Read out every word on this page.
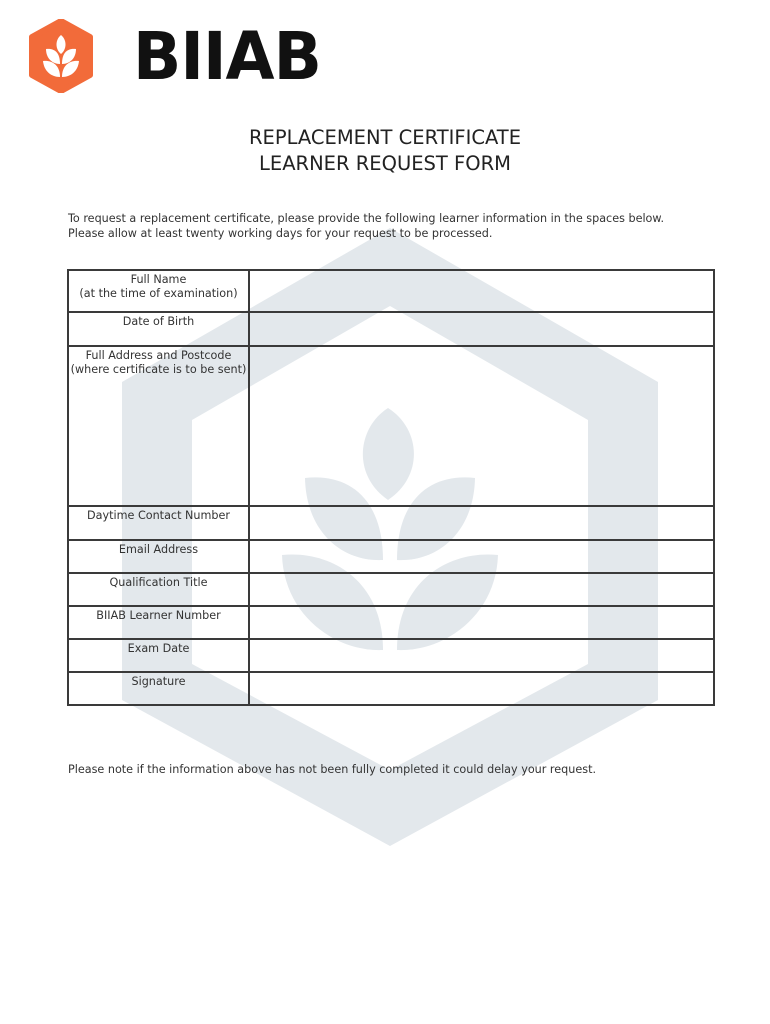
BIIAB

REPLACEMENT CERTIFICATE
LEARNER REQUEST FORM
To request a replacement certificate, please provide the following learner information in the spaces below.
Please allow at least twenty working days for your request to be processed.
Full Name
(at the time of examination)	

Date of Birth	

Full Address and Postcode
(where certificate is to be sent)	

Daytime Contact Number	

Email Address	

Qualification Title	

BIIAB Learner Number	

Exam Date	

Signature	

Please note if the information above has not been fully completed it could delay your request.
